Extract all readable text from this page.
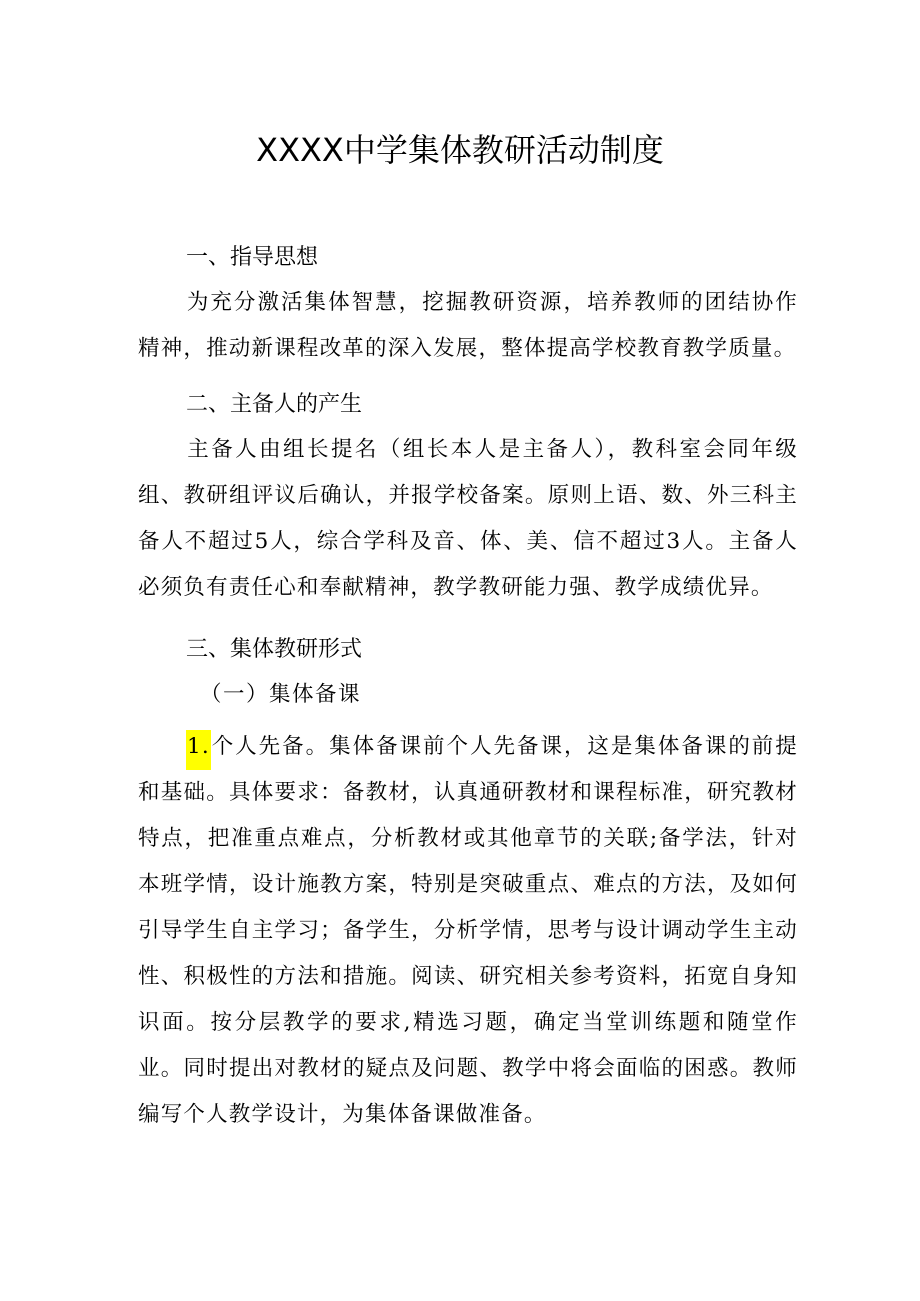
XXXX中学集体教研活动制度
一、指导思想

为充分激活集体智慧，挖掘教研资源，培养教师的团结协作精神，推动新课程改革的深入发展，整体提高学校教育教学质量。

二、主备人的产生

主备人由组长提名（组长本人是主备人），教科室会同年级组、教研组评议后确认，并报学校备案。原则上语、数、外三科主备人不超过5人，综合学科及音、体、美、信不超过3人。主备人必须负有责任心和奉献精神，教学教研能力强、教学成绩优异。

三、集体教研形式

（一）集体备课

1.个人先备。集体备课前个人先备课，这是集体备课的前提和基础。具体要求：备教材，认真通研教材和课程标准，研究教材特点，把准重点难点，分析教材或其他章节的关联;备学法，针对本班学情，设计施教方案，特别是突破重点、难点的方法，及如何引导学生自主学习；备学生，分析学情，思考与设计调动学生主动性、积极性的方法和措施。阅读、研究相关参考资料，拓宽自身知识面。按分层教学的要求,精选习题，确定当堂训练题和随堂作业。同时提出对教材的疑点及问题、教学中将会面临的困惑。教师编写个人教学设计，为集体备课做准备。
